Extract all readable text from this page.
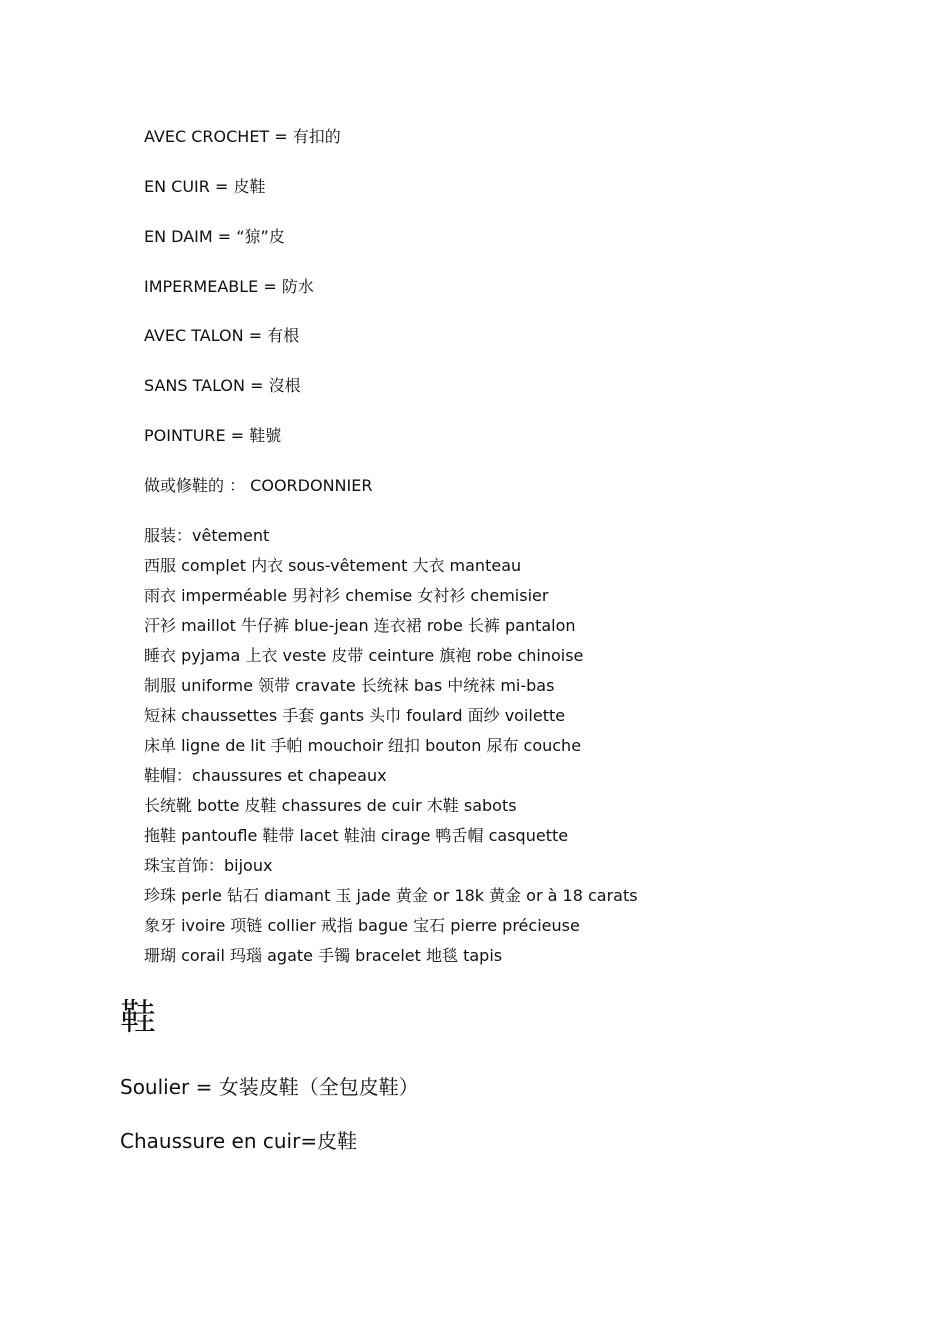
AVEC CROCHET = 有扣的
EN CUIR = 皮鞋
EN DAIM = “猄”皮
IMPERMEABLE = 防水
AVEC TALON = 有根
SANS TALON = 沒根
POINTURE = 鞋號
做或修鞋的 ： COORDONNIER
服装：vêtement
西服 complet 内衣 sous-vêtement 大衣 manteau
雨衣 imperméable 男衬衫 chemise 女衬衫 chemisier
汗衫 maillot 牛仔裤 blue-jean 连衣裙 robe 长裤 pantalon
睡衣 pyjama 上衣 veste 皮带 ceinture 旗袍 robe chinoise
制服 uniforme 领带 cravate 长统袜 bas 中统袜 mi-bas
短袜 chaussettes 手套 gants 头巾 foulard 面纱 voilette
床单 ligne de lit 手帕 mouchoir 纽扣 bouton 尿布 couche
鞋帽：chaussures et chapeaux
长统靴 botte 皮鞋 chassures de cuir 木鞋 sabots
拖鞋 pantoufle 鞋带 lacet 鞋油 cirage 鸭舌帽 casquette
珠宝首饰：bijoux
珍珠 perle 钻石 diamant 玉 jade 黄金 or 18k 黄金 or à 18 carats
象牙 ivoire 项链 collier 戒指 bague 宝石 pierre précieuse
珊瑚 corail 玛瑙 agate 手镯 bracelet 地毯 tapis
鞋
Soulier = 女装皮鞋（全包皮鞋）
Chaussure en cuir=皮鞋
